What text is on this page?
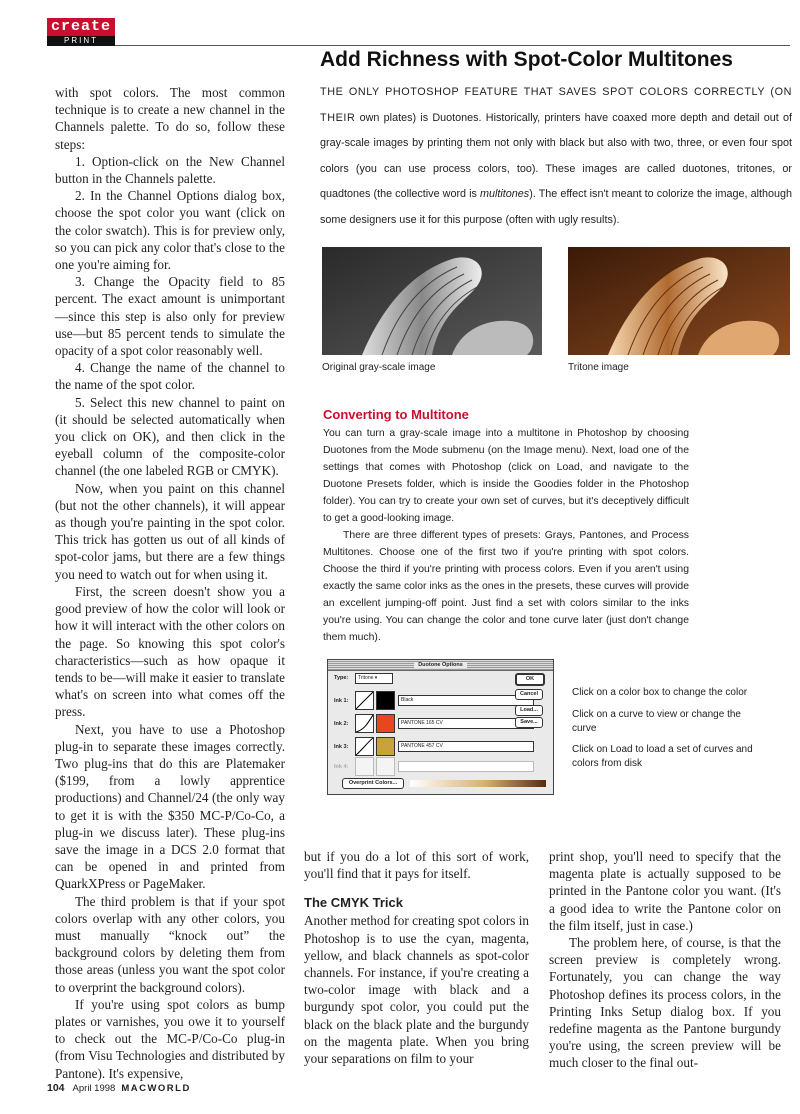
create
PRINT
Add Richness with Spot-Color Multitones
THE ONLY PHOTOSHOP FEATURE THAT SAVES SPOT COLORS CORRECTLY (ON THEIR own plates) is Duotones. Historically, printers have coaxed more depth and detail out of gray-scale images by printing them not only with black but also with two, three, or even four spot colors (you can use process colors, too). These images are called duotones, tritones, or quadtones (the collective word is multitones). The effect isn't meant to colorize the image, although some designers use it for this purpose (often with ugly results).
Original gray-scale image	Tritone image
Converting to Multitone

You can turn a gray-scale image into a multitone in Photoshop by choosing Duotones from the Mode submenu (on the Image menu). Next, load one of the settings that comes with Photoshop (click on Load, and navigate to the Duotone Presets folder, which is inside the Goodies folder in the Photoshop folder). You can try to create your own set of curves, but it's deceptively difficult to get a good-looking image.

There are three different types of presets: Grays, Pantones, and Process Multitones. Choose one of the first two if you're printing with spot colors. Choose the third if you're printing with process colors. Even if you aren't using exactly the same color inks as the ones in the presets, these curves will provide an excellent jumping-off point. Just find a set with colors similar to the inks you're using. You can change the color and tone curve later (just don't change them much).

Duotone Options
Type:	Tritone ▾
Ink 1:	Black
Ink 2:	PANTONE 165 CV
Ink 3:	PANTONE 457 CV
Ink 4:
OK
Cancel
Load...
Save...
Overprint Colors...
Click on a color box to change the color
Click on a curve to view or change the curve
Click on Load to load a set of curves and colors from disk

with spot colors. The most common technique is to create a new channel in the Channels palette. To do so, follow these steps:

1. Option-click on the New Channel button in the Channels palette.

2. In the Channel Options dialog box, choose the spot color you want (click on the color swatch). This is for preview only, so you can pick any color that's close to the one you're aiming for.

3. Change the Opacity field to 85 percent. The exact amount is unimportant—since this step is also only for preview use—but 85 percent tends to simulate the opacity of a spot color reasonably well.

4. Change the name of the channel to the name of the spot color.

5. Select this new channel to paint on (it should be selected automatically when you click on OK), and then click in the eyeball column of the composite-color channel (the one labeled RGB or CMYK).

Now, when you paint on this channel (but not the other channels), it will appear as though you're painting in the spot color. This trick has gotten us out of all kinds of spot-color jams, but there are a few things you need to watch out for when using it.

First, the screen doesn't show you a good preview of how the color will look or how it will interact with the other colors on the page. So knowing this spot color's characteristics—such as how opaque it tends to be—will make it easier to translate what's on screen into what comes off the press.

Next, you have to use a Photoshop plug-in to separate these images correctly. Two plug-ins that do this are Platemaker ($199, from a lowly apprentice productions) and Channel/24 (the only way to get it is with the $350 MC-P/Co-Co, a plug-in we discuss later). These plug-ins save the image in a DCS 2.0 format that can be opened in and printed from QuarkXPress or PageMaker.

The third problem is that if your spot colors overlap with any other colors, you must manually “knock out” the background colors by deleting them from those areas (unless you want the spot color to overprint the background colors).

If you're using spot colors as bump plates or varnishes, you owe it to yourself to check out the MC-P/Co-Co plug-in (from Visu Technologies and distributed by Pantone). It's expensive,

but if you do a lot of this sort of work, you'll find that it pays for itself.

The CMYK Trick

Another method for creating spot colors in Photoshop is to use the cyan, magenta, yellow, and black channels as spot-color channels. For instance, if you're creating a two-color image with black and a burgundy spot color, you could put the black on the black plate and the burgundy on the magenta plate. When you bring your separations on film to your

print shop, you'll need to specify that the magenta plate is actually supposed to be printed in the Pantone color you want. (It's a good idea to write the Pantone color on the film itself, just in case.)

The problem here, of course, is that the screen preview is completely wrong. Fortunately, you can change the way Photoshop defines its process colors, in the Printing Inks Setup dialog box. If you redefine magenta as the Pantone burgundy you're using, the screen preview will be much closer to the final out-

104 April 1998 MACWORLD
